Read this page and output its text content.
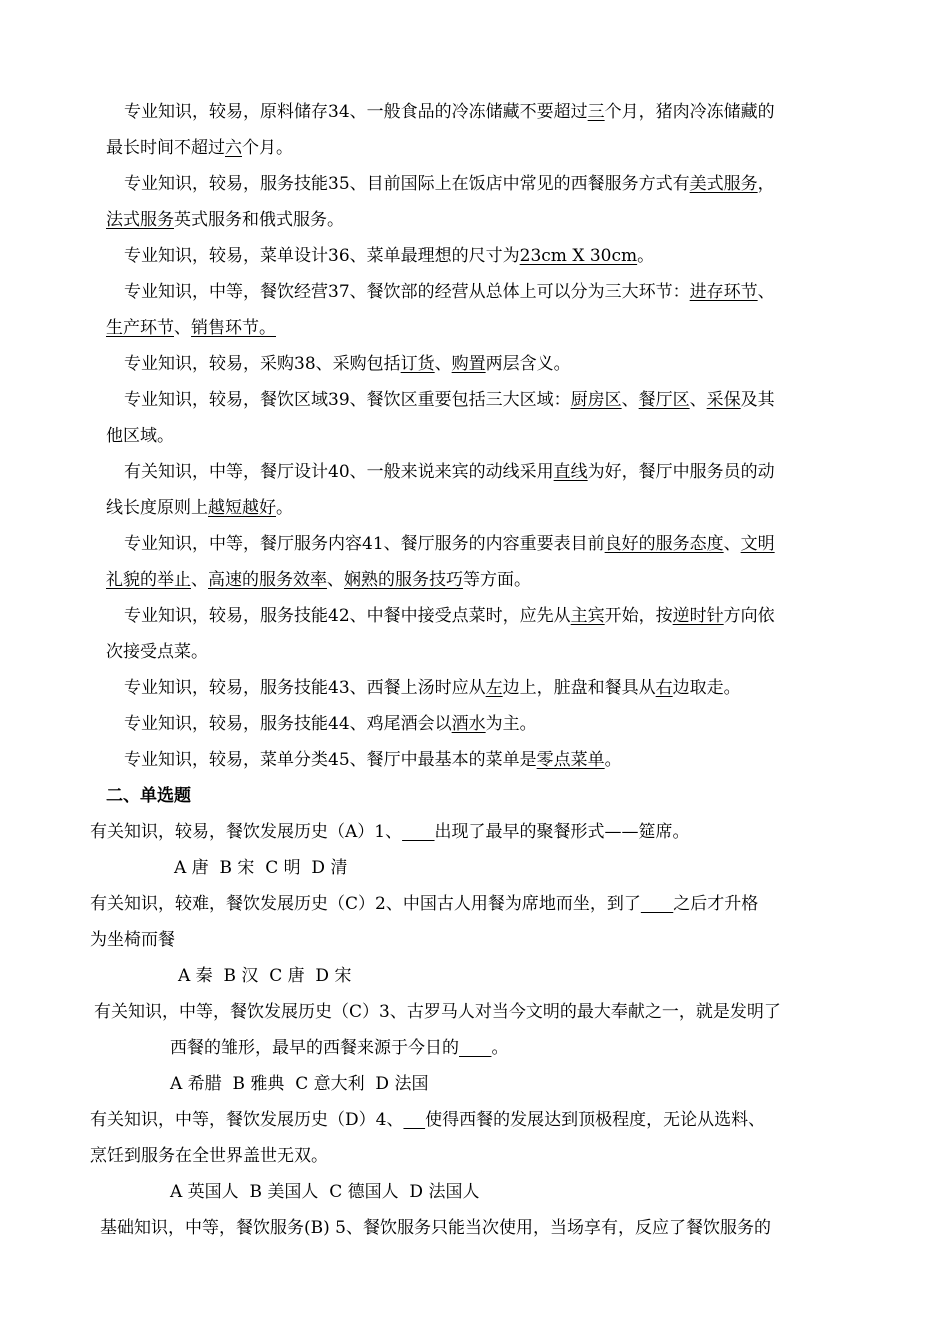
专业知识，较易，原料储存34、一般食品的冷冻储藏不要超过三个月，猪肉冷冻储藏的
最长时间不超过六个月。
专业知识，较易，服务技能35、目前国际上在饭店中常见的西餐服务方式有美式服务，
法式服务英式服务和俄式服务。
专业知识，较易，菜单设计36、菜单最理想的尺寸为23cm X 30cm。
专业知识，中等，餐饮经营37、餐饮部的经营从总体上可以分为三大环节：进存环节、
生产环节、销售环节。
专业知识，较易，采购38、采购包括订货、购置两层含义。
专业知识，较易，餐饮区域39、餐饮区重要包括三大区域：厨房区、餐厅区、采保及其
他区域。
有关知识，中等，餐厅设计40、一般来说来宾的动线采用直线为好，餐厅中服务员的动
线长度原则上越短越好。
专业知识，中等，餐厅服务内容41、餐厅服务的内容重要表目前良好的服务态度、文明
礼貌的举止、高速的服务效率、娴熟的服务技巧等方面。
专业知识，较易，服务技能42、中餐中接受点菜时，应先从主宾开始，按逆时针方向依
次接受点菜。
专业知识，较易，服务技能43、西餐上汤时应从左边上，脏盘和餐具从右边取走。
专业知识，较易，服务技能44、鸡尾酒会以酒水为主。
专业知识，较易，菜单分类45、餐厅中最基本的菜单是零点菜单。
二、单选题
有关知识，较易，餐饮发展历史（A）1、 出现了最早的聚餐形式——筵席。
A 唐  B 宋  C 明  D 清
有关知识，较难，餐饮发展历史（C）2、中国古人用餐为席地而坐，到了 之后才升格
为坐椅而餐
A 秦  B 汉  C 唐  D 宋
有关知识，中等，餐饮发展历史（C）3、古罗马人对当今文明的最大奉献之一，就是发明了
西餐的雏形，最早的西餐来源于今日的 。
A 希腊  B 雅典  C 意大利  D 法国
有关知识，中等，餐饮发展历史（D）4、 使得西餐的发展达到顶极程度，无论从选料、
烹饪到服务在全世界盖世无双。
A 英国人  B 美国人  C 德国人  D 法国人
基础知识，中等，餐饮服务(B) 5、餐饮服务只能当次使用，当场享有，反应了餐饮服务的
